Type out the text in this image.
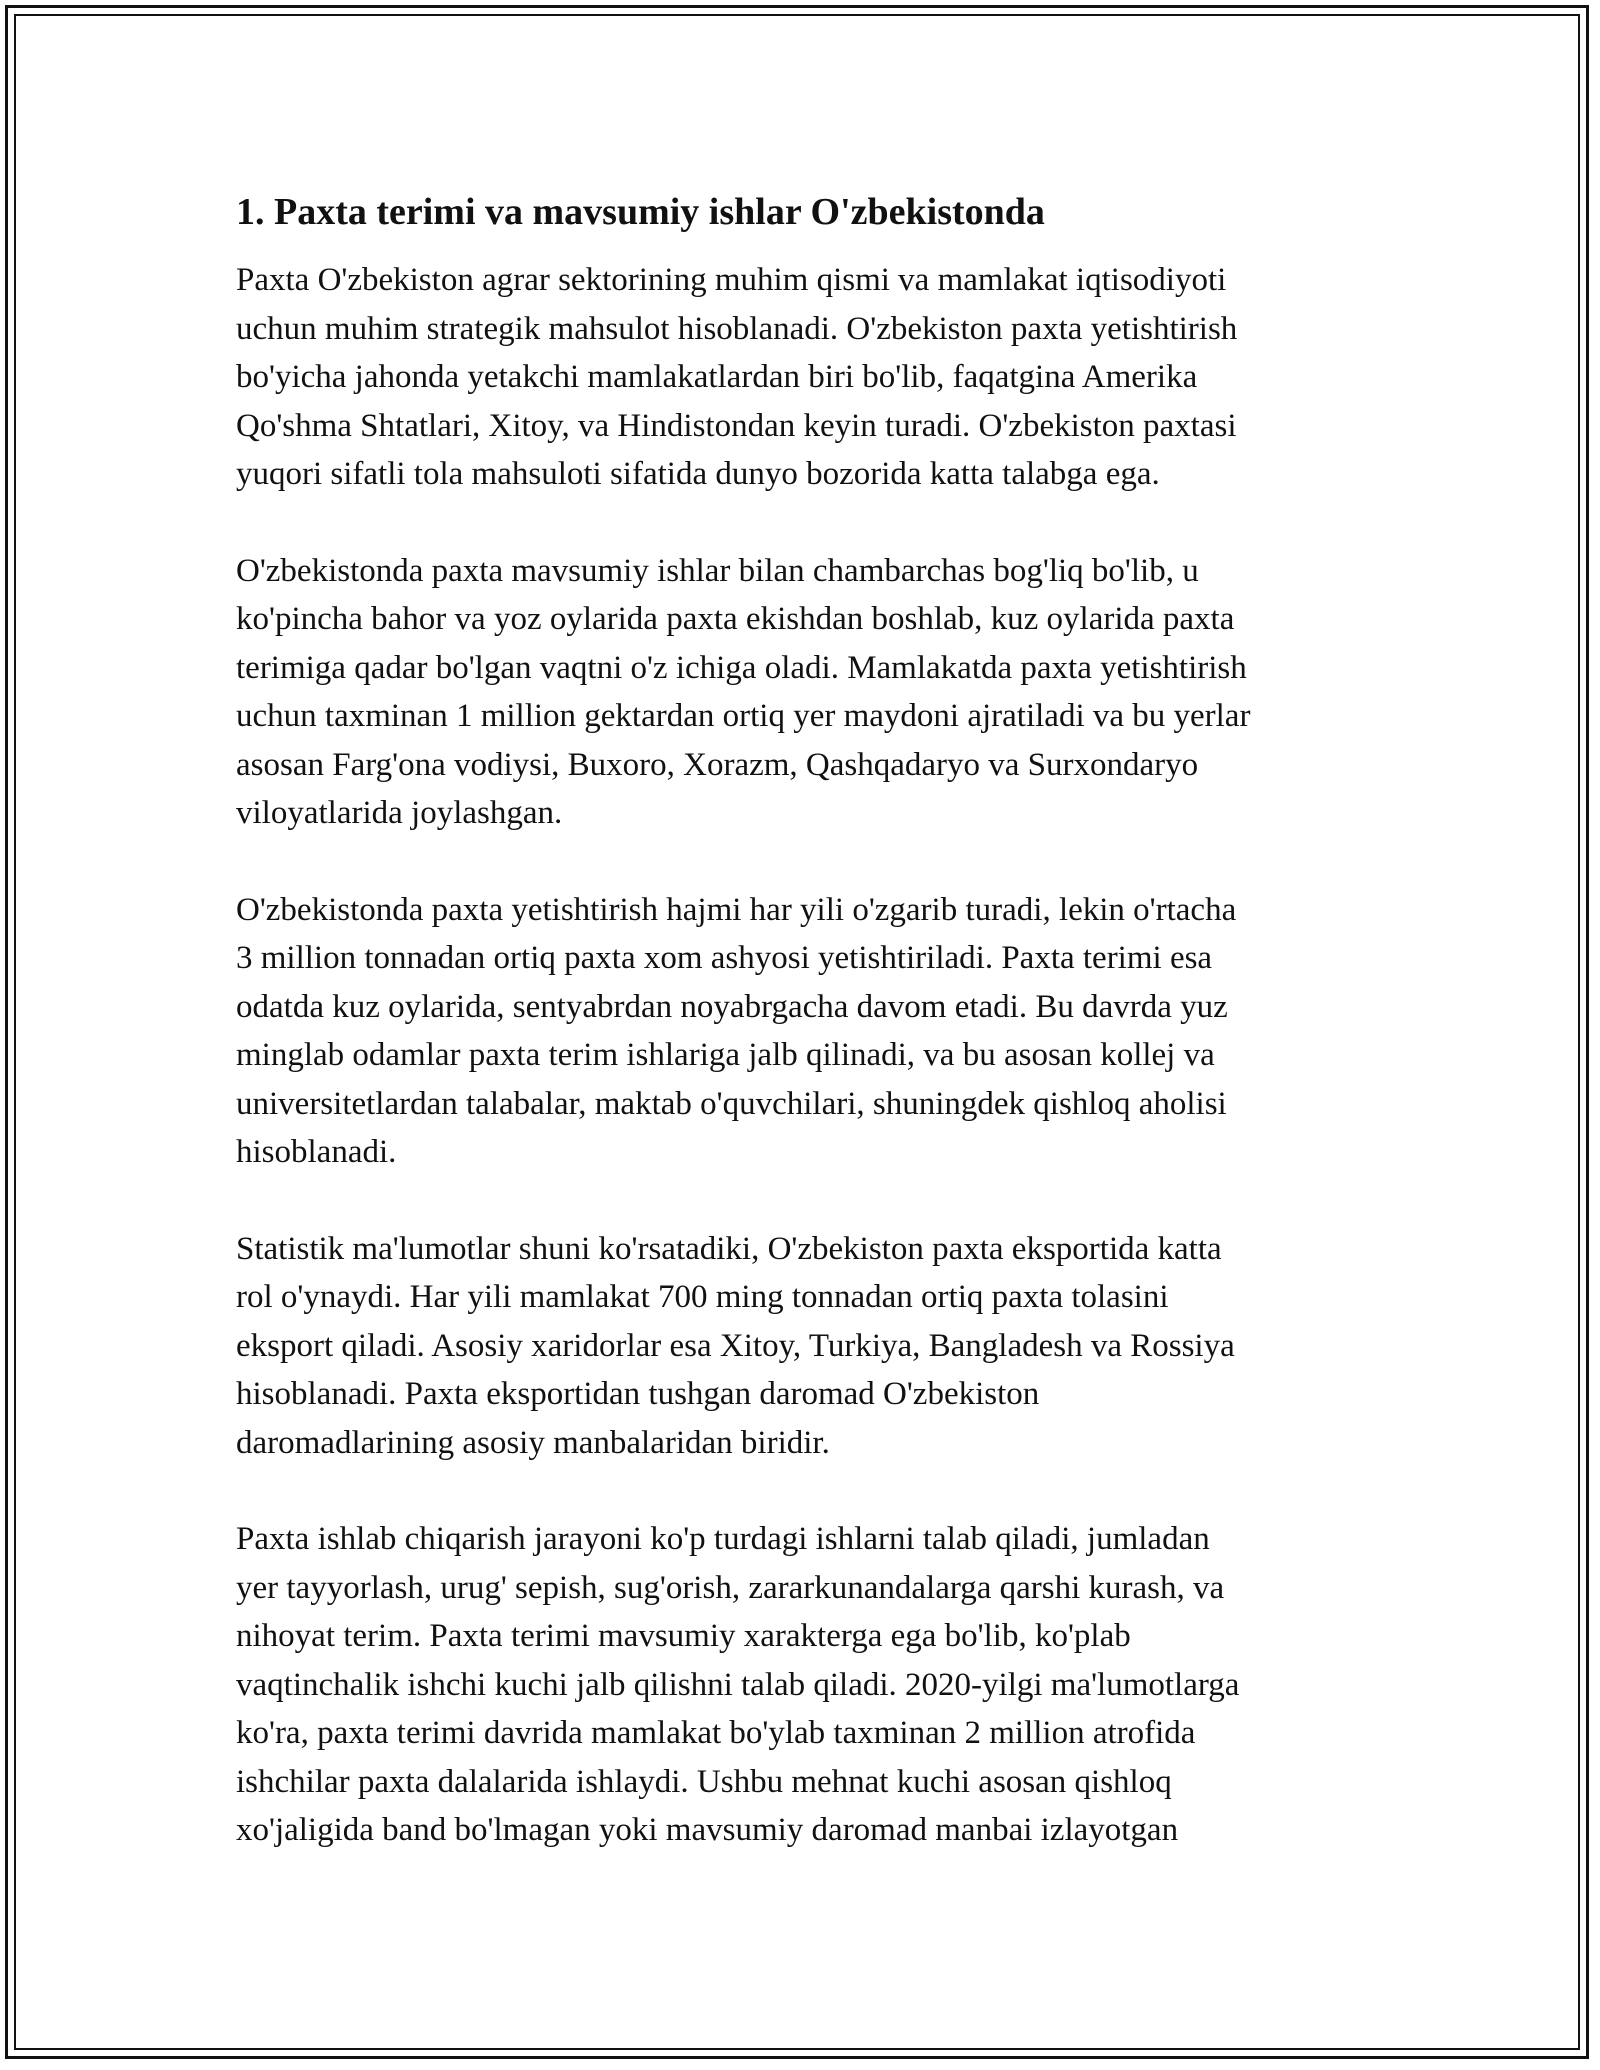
1. Paxta terimi va mavsumiy ishlar O'zbekistonda
Paxta O'zbekiston agrar sektorining muhim qismi va mamlakat iqtisodiyoti
uchun muhim strategik mahsulot hisoblanadi. O'zbekiston paxta yetishtirish
bo'yicha jahonda yetakchi mamlakatlardan biri bo'lib, faqatgina Amerika
Qo'shma Shtatlari, Xitoy, va Hindistondan keyin turadi. O'zbekiston paxtasi
yuqori sifatli tola mahsuloti sifatida dunyo bozorida katta talabga ega.
O'zbekistonda paxta mavsumiy ishlar bilan chambarchas bog'liq bo'lib, u
ko'pincha bahor va yoz oylarida paxta ekishdan boshlab, kuz oylarida paxta
terimiga qadar bo'lgan vaqtni o'z ichiga oladi. Mamlakatda paxta yetishtirish
uchun taxminan 1 million gektardan ortiq yer maydoni ajratiladi va bu yerlar
asosan Farg'ona vodiysi, Buxoro, Xorazm, Qashqadaryo va Surxondaryo
viloyatlarida joylashgan.
O'zbekistonda paxta yetishtirish hajmi har yili o'zgarib turadi, lekin o'rtacha
3 million tonnadan ortiq paxta xom ashyosi yetishtiriladi. Paxta terimi esa
odatda kuz oylarida, sentyabrdan noyabrgacha davom etadi. Bu davrda yuz
minglab odamlar paxta terim ishlariga jalb qilinadi, va bu asosan kollej va
universitetlardan talabalar, maktab o'quvchilari, shuningdek qishloq aholisi
hisoblanadi.
Statistik ma'lumotlar shuni ko'rsatadiki, O'zbekiston paxta eksportida katta
rol o'ynaydi. Har yili mamlakat 700 ming tonnadan ortiq paxta tolasini
eksport qiladi. Asosiy xaridorlar esa Xitoy, Turkiya, Bangladesh va Rossiya
hisoblanadi. Paxta eksportidan tushgan daromad O'zbekiston
daromadlarining asosiy manbalaridan biridir.
Paxta ishlab chiqarish jarayoni ko'p turdagi ishlarni talab qiladi, jumladan
yer tayyorlash, urug' sepish, sug'orish, zararkunandalarga qarshi kurash, va
nihoyat terim. Paxta terimi mavsumiy xarakterga ega bo'lib, ko'plab
vaqtinchalik ishchi kuchi jalb qilishni talab qiladi. 2020-yilgi ma'lumotlarga
ko'ra, paxta terimi davrida mamlakat bo'ylab taxminan 2 million atrofida
ishchilar paxta dalalarida ishlaydi. Ushbu mehnat kuchi asosan qishloq
xo'jaligida band bo'lmagan yoki mavsumiy daromad manbai izlayotgan
